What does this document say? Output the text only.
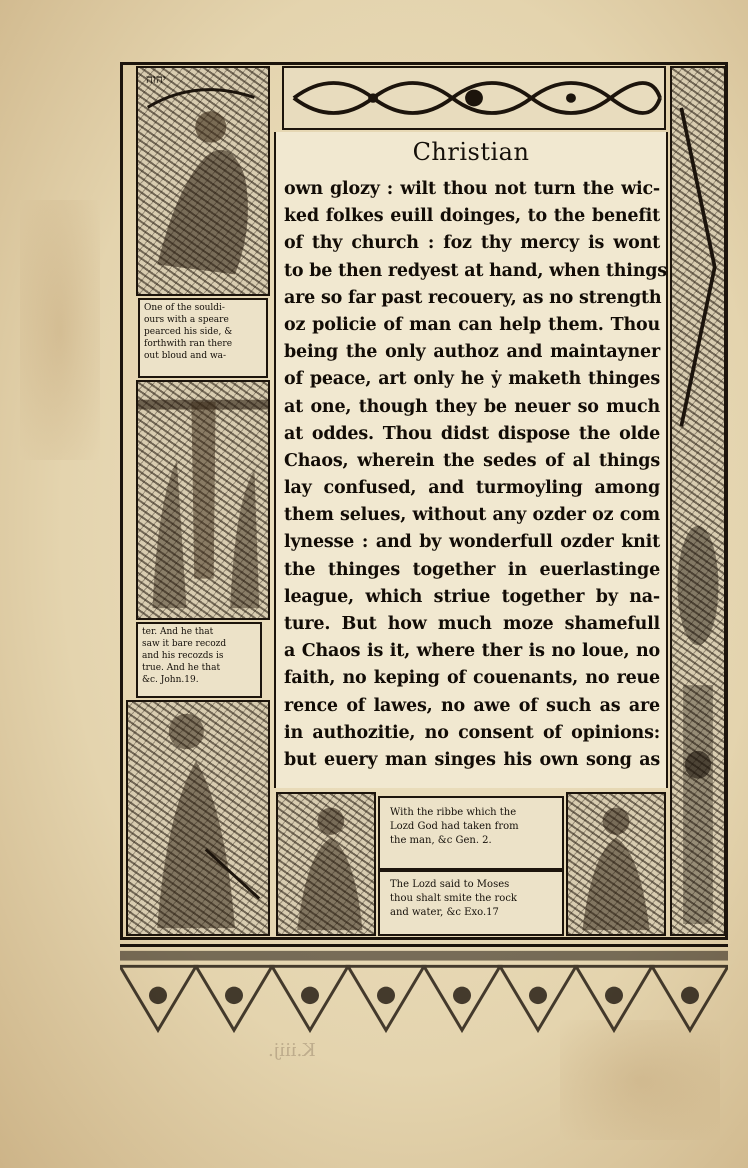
יהוה
One of the souldi-
ours with a speare
pearced his side, &
forthwith ran there
out bloud and wa-
ter. And he that
saw it bare recozd
and his recozds is
true. And he that
&c. John.19.
Christian
own glozy : wilt thou not turn the wic-
ked folkes euill doinges, to the benefit
of thy church : foz thy mercy is wont
to be then redyest at hand, when things
are so far past recouery, as no strength
oz policie of man can help them. Thou
being the only authoz and maintayner
of peace, art only he ẏ maketh thinges
at one, though they be neuer so much
at oddes. Thou didst dispose the olde
Chaos, wherein the sedes of al things
lay confused, and turmoyling among
them selues, without any ozder oz com
lynesse : and by wonderfull ozder knit
the thinges together in euerlastinge
league, which striue together by na-
ture. But how much moze shamefull
a Chaos is it, where ther is no loue, no
faith, no keping of couenants, no reue
rence of lawes, no awe of such as are
in authozitie, no consent of opinions:
but euery man singes his own song as
With the ribbe which the
Lozd God had taken from
the man, &c Gen. 2.
The Lozd said to Moses
thou shalt smite the rock
and water, &c Exo.17
K.iiij.
